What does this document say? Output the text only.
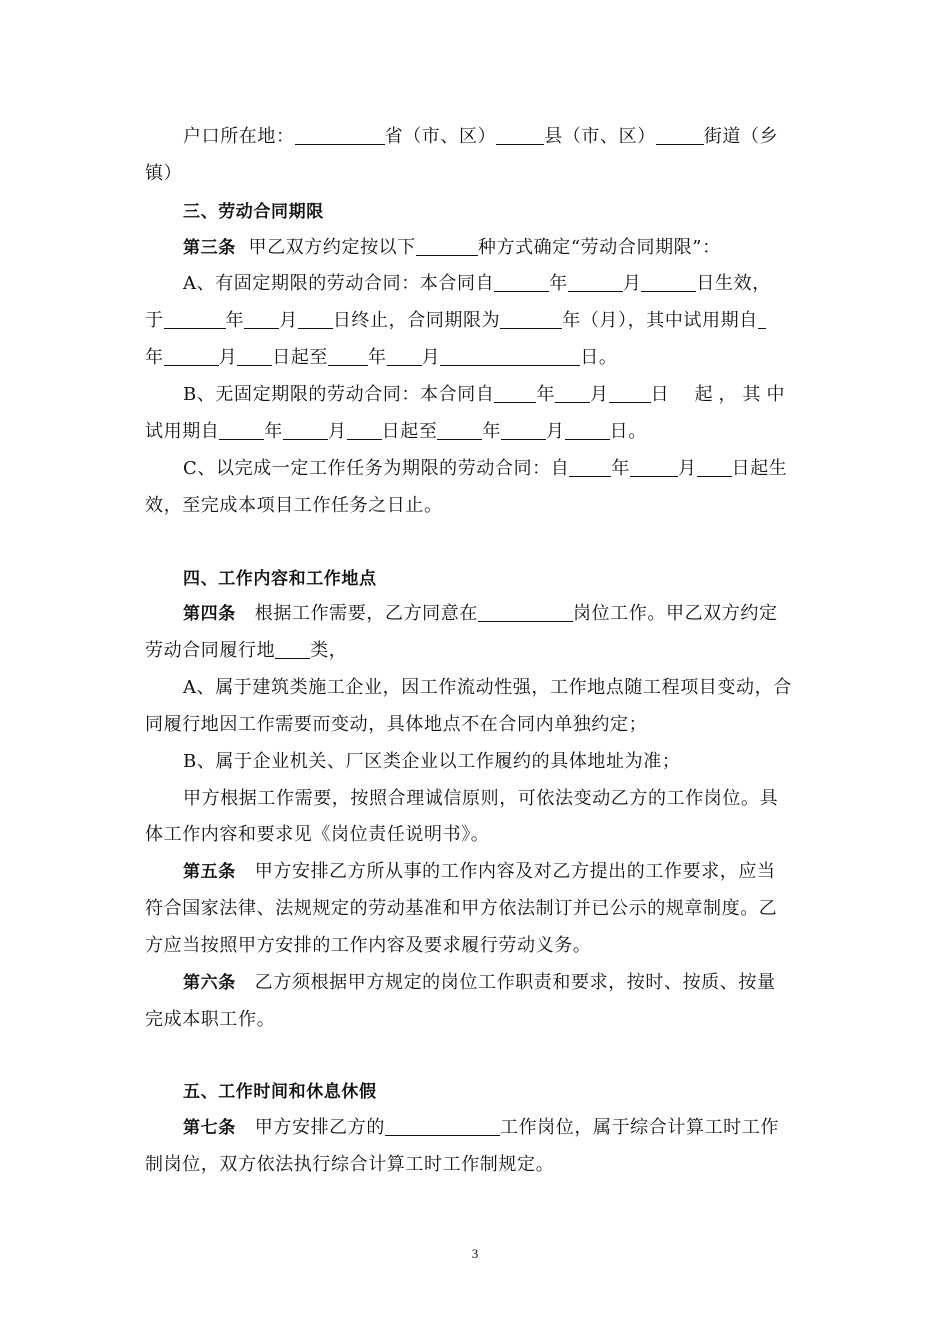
户口所在地：	省（市、区）	县（市、区）	街道（乡
镇）
三、劳动合同期限
第三条 甲乙双方约定按以下	种方式确定“劳动合同期限”：
A、有固定期限的劳动合同：本合同自	年	月	日生效，
于	年 月 日终止，合同期限为	年（月），其中试用期自
年	月 日起至 年 月	日。
B、无固定期限的劳动合同：本合同自 年 月 日 起，其中
试用期自	年	月 日起至	年	月	日。
C、以完成一定工作任务为期限的劳动合同：自 年	月 日起生
效，至完成本项目工作任务之日止。
四、工作内容和工作地点
第四条 根据工作需要，乙方同意在	岗位工作。甲乙双方约定
劳动合同履行地 类，
A、属于建筑类施工企业，因工作流动性强，工作地点随工程项目变动，合
同履行地因工作需要而变动，具体地点不在合同内单独约定；
B、属于企业机关、厂区类企业以工作履约的具体地址为准；
甲方根据工作需要，按照合理诚信原则，可依法变动乙方的工作岗位。具
体工作内容和要求见《岗位责任说明书》。
第五条 甲方安排乙方所从事的工作内容及对乙方提出的工作要求，应当
符合国家法律、法规规定的劳动基准和甲方依法制订并已公示的规章制度。乙
方应当按照甲方安排的工作内容及要求履行劳动义务。
第六条 乙方须根据甲方规定的岗位工作职责和要求，按时、按质、按量
完成本职工作。
五、工作时间和休息休假
第七条 甲方安排乙方的	工作岗位，属于综合计算工时工作
制岗位，双方依法执行综合计算工时工作制规定。
3
